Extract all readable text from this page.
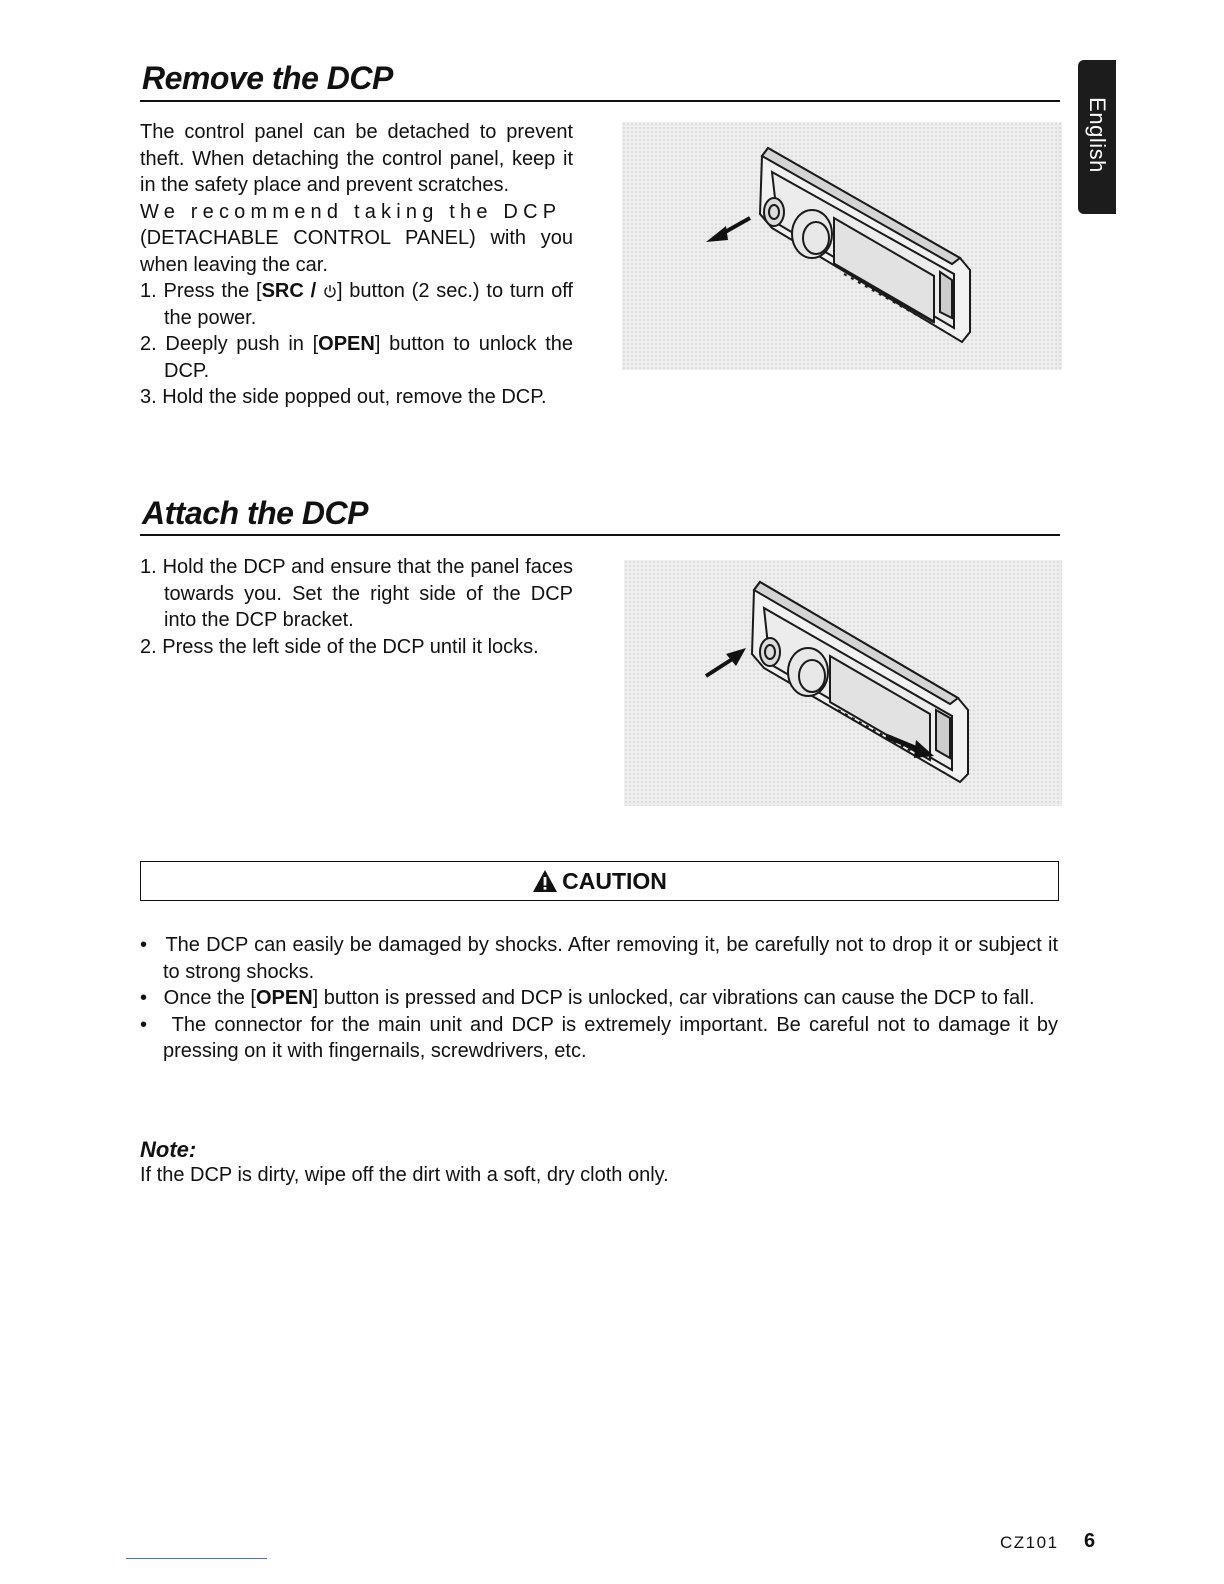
English
Remove the DCP

The control panel can be detached to prevent theft. When detaching the control panel, keep it in the safety place and prevent scratches.

We recommend taking the DCP

(DETACHABLE CONTROL PANEL) with you when leaving the car.

1. Press the [SRC / ] button (2 sec.) to turn off the power.
2. Deeply push in [OPEN] button to unlock the DCP.
3. Hold the side popped out, remove the DCP.
Attach the DCP
1. Hold the DCP and ensure that the panel faces towards you. Set the right side of the DCP into the DCP bracket.
2. Press the left side of the DCP until it locks.
CAUTION
•   The DCP can easily be damaged by shocks. After removing it, be carefully not to drop it or subject it to strong shocks.
•   Once the [OPEN] button is pressed and DCP is unlocked, car vibrations can cause the DCP to fall.
•   The connector for the main unit and DCP is extremely important. Be careful not to damage it by pressing on it with fingernails, screwdrivers, etc.
Note:
If the DCP is dirty, wipe off the dirt with a soft, dry cloth only.
CZ101 6
